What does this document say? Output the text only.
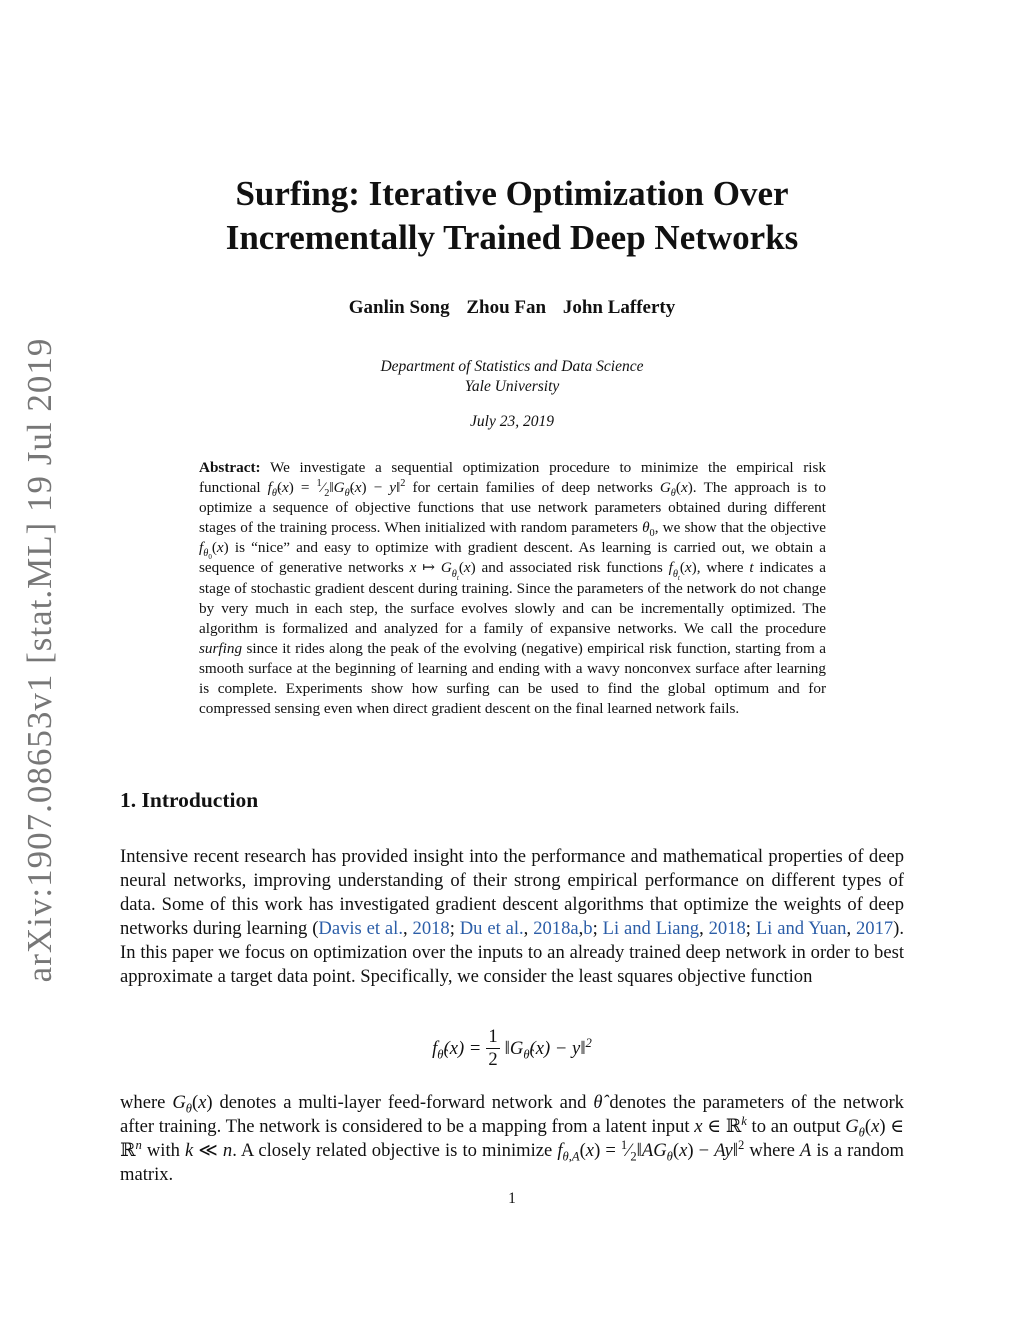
arXiv:1907.08653v1 [stat.ML] 19 Jul 2019
Surfing: Iterative Optimization Over
Incrementally Trained Deep Networks
Ganlin Song Zhou Fan John Lafferty
Department of Statistics and Data Science
Yale University
July 23, 2019
Abstract: We investigate a sequential optimization procedure to minimize the empirical risk functional $f_{\thetâ}(x)$ = $^1⁄_2‖G_{\thetâ}(x)$ − y‖$^2$ for certain families of deep networks $G_\theta(x)$. The approach is to optimize a sequence of objective functions that use network parameters obtained during different stages of the training process. When initialized with random parameters $\theta_0$, we show that the objective $f_{\theta_0}(x)$ is “nice” and easy to optimize with gradient descent. As learning is carried out, we obtain a sequence of generative networks x ↦ $G_{\theta_t}(x)$ and associated risk functions $f_{\theta_t}(x)$, where t indicates a stage of stochastic gradient descent during training. Since the parameters of the network do not change by very much in each step, the surface evolves slowly and can be incrementally optimized. The algorithm is formalized and analyzed for a family of expansive networks. We call the procedure surfing since it rides along the peak of the evolving (negative) empirical risk function, starting from a smooth surface at the beginning of learning and ending with a wavy nonconvex surface after learning is complete. Experiments show how surfing can be used to find the global optimum and for compressed sensing even when direct gradient descent on the final learned network fails.
1. Introduction
Intensive recent research has provided insight into the performance and mathematical properties of deep neural networks, improving understanding of their strong empirical performance on different types of data. Some of this work has investigated gradient descent algorithms that optimize the weights of deep networks during learning (Davis et al., 2018; Du et al., 2018a,b; Li and Liang, 2018; Li and Yuan, 2017). In this paper we focus on optimization over the inputs to an already trained deep network in order to best approximate a target data point. Specifically, we consider the least squares objective function
$f_{\thetâ}(x) = \frac{1}{2}$ $‖G_{\thetâ}(x)$ − y‖$^2$
where $G_\theta(x)$ denotes a multi-layer feed-forward network and θ̂ denotes the parameters of the network after training. The network is considered to be a mapping from a latent input x ∈ ℝ$^k$ to an output $G_\theta(x)$ ∈ ℝ$^n$ with k ≪ n. A closely related objective is to minimize $f_{\theta,A}(x)$ = $^1⁄_2‖AG_\theta(x)$ − Ay‖$^2$ where A is a random matrix.
1
